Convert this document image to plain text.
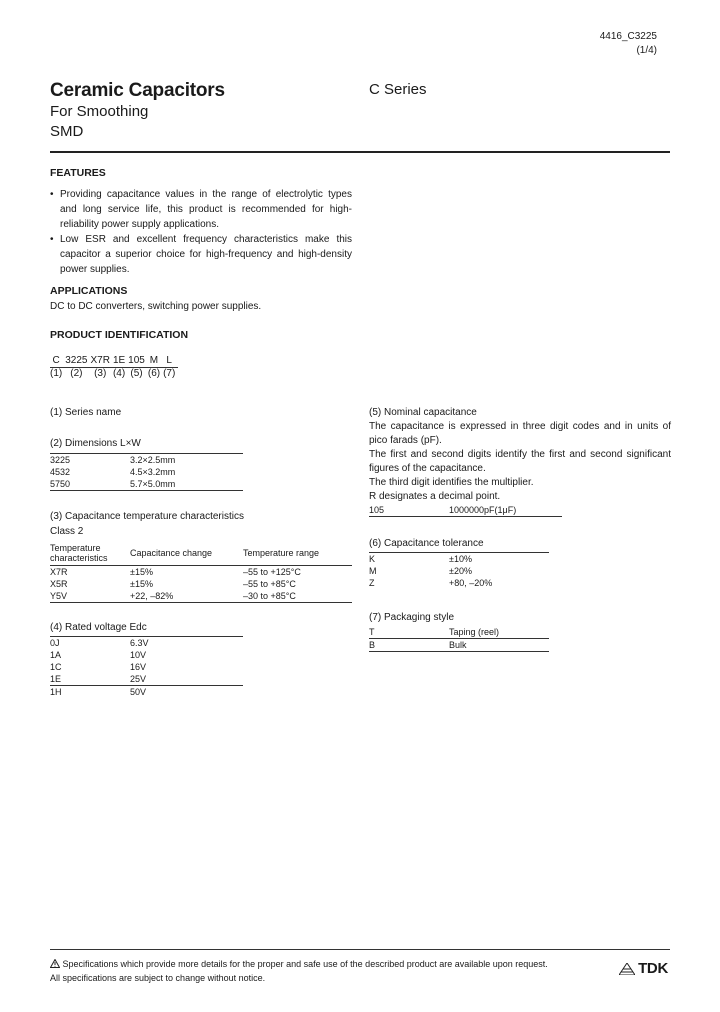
4416_C3225
(1/4)
Ceramic Capacitors
For Smoothing
SMD
C Series
FEATURES
• Providing capacitance values in the range of electrolytic types and long service life, this product is recommended for high-reliability power supply applications.
• Low ESR and excellent frequency characteristics make this capacitor a superior choice for high-frequency and high-density power supplies.
APPLICATIONS
DC to DC converters, switching power supplies.
PRODUCT IDENTIFICATION
C	3225	X7R	1E	105	M	L
(1)	(2)	(3)	(4)	(5)	(6)	(7)
(1) Series name
(2) Dimensions L×W
3225	3.2×2.5mm
4532	4.5×3.2mm
5750	5.7×5.0mm
(3) Capacitance temperature characteristics
Class 2
Temperature characteristics	Capacitance change	Temperature range
X7R	±15%	–55 to +125°C
X5R	±15%	–55 to +85°C
Y5V	+22, –82%	–30 to +85°C
(4) Rated voltage Edc
0J	6.3V
1A	10V
1C	16V
1E	25V
1H	50V
(5) Nominal capacitance
The capacitance is expressed in three digit codes and in units of pico farads (pF).
The first and second digits identify the first and second significant figures of the capacitance.
The third digit identifies the multiplier.
R designates a decimal point.
105	1000000pF(1μF)
(6) Capacitance tolerance
K	±10%
M	±20%
Z	+80, –20%
(7) Packaging style
T	Taping (reel)
B	Bulk
Specifications which provide more details for the proper and safe use of the described product are available upon request.
All specifications are subject to change without notice.
TDK
